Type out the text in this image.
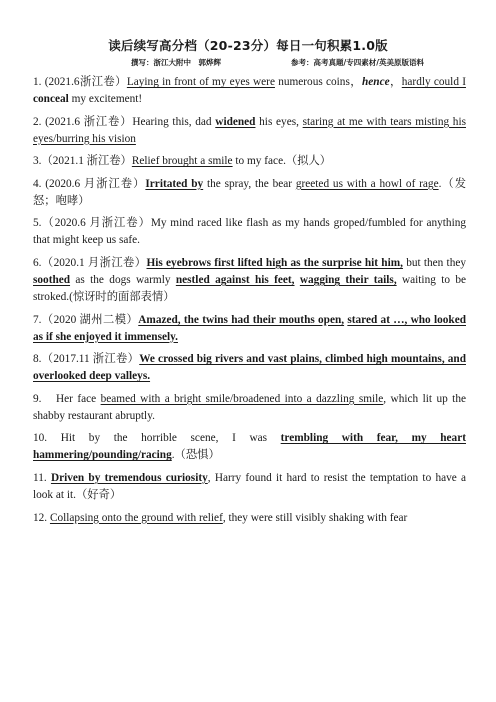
读后续写高分档（20-23分）每日一句积累1.0版
撰写：浙江大附中　郭烨辉	参考：高考真题/专四素材/英美原版语料
1. (2021.6浙江卷）Laying in front of my eyes were numerous coins，hence，hardly could I conceal my excitement!
2. (2021.6 浙江卷）Hearing this, dad widened his eyes, staring at me with tears misting his eyes/burring his vision
3.（2021.1 浙江卷）Relief brought a smile to my face.（拟人）
4. (2020.6 月浙江卷）Irritated by the spray, the bear greeted us with a howl of rage.（发怒；咆哮）
5.（2020.6 月浙江卷）My mind raced like flash as my hands groped/fumbled for anything that might keep us safe.
6.（2020.1 月浙江卷）His eyebrows first lifted high as the surprise hit him, but then they soothed as the dogs warmly nestled against his feet, wagging their tails, waiting to be stroked.(惊讶时的面部表情）
7.（2020 湖州二模）Amazed, the twins had their mouths open, stared at …, who looked as if she enjoyed it immensely.
8.（2017.11 浙江卷）We crossed big rivers and vast plains, climbed high mountains, and overlooked deep valleys.
9.　Her face beamed with a bright smile/broadened into a dazzling smile, which lit up the shabby restaurant abruptly.
10. Hit by the horrible scene, I was trembling with fear, my heart hammering/pounding/racing.（恐惧）
11. Driven by tremendous curiosity, Harry found it hard to resist the temptation to have a look at it.（好奇）
12. Collapsing onto the ground with relief, they were still visibly shaking with fear
